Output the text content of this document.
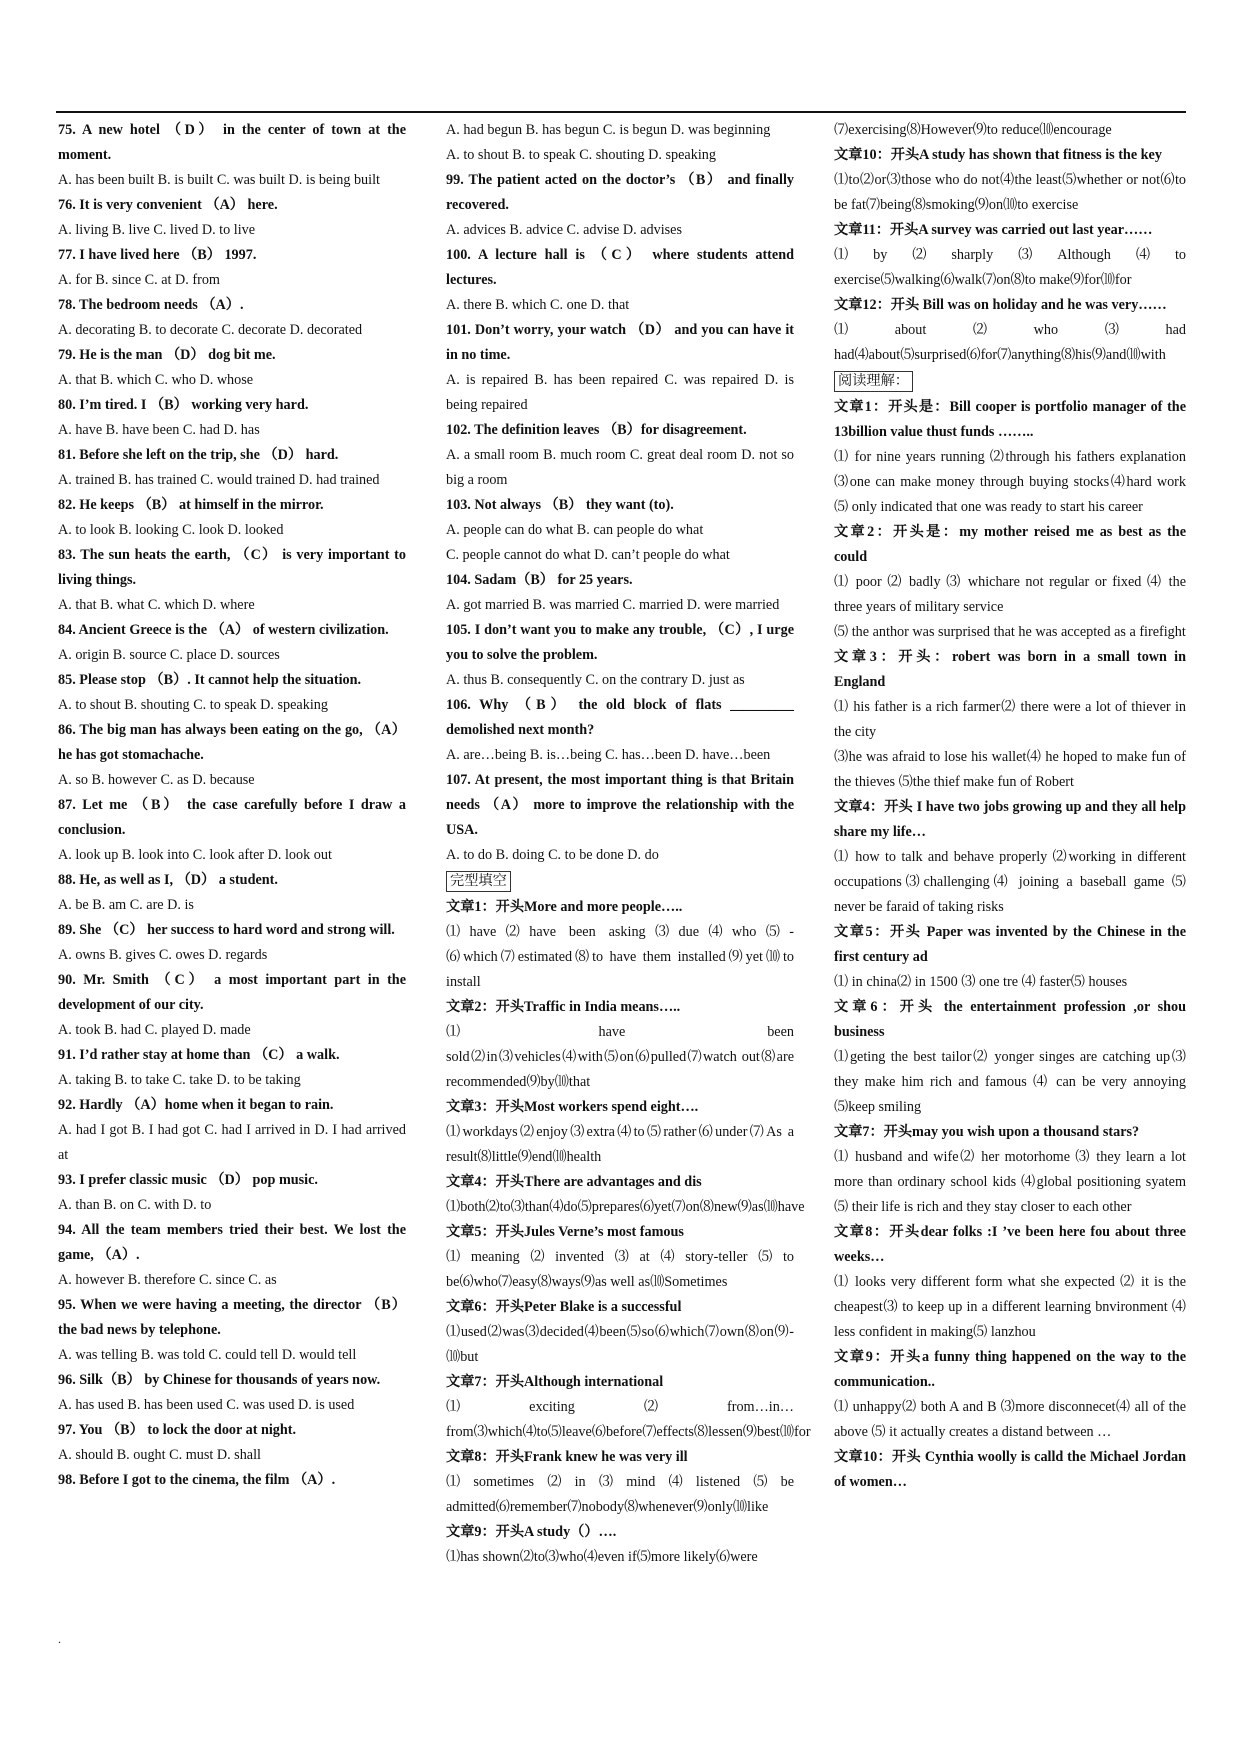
75. A new hotel （D） in the center of town at the moment.

A. has been built B. is built C. was built D. is being built

76. It is very convenient （A） here.

A. living B. live C. lived D. to live

77. I have lived here （B） 1997.

A. for B. since C. at D. from

78. The bedroom needs （A）.

A. decorating B. to decorate C. decorate D. decorated

79. He is the man （D） dog bit me.

A. that B. which C. who D. whose

80. I’m tired. I （B） working very hard.

A. have B. have been C. had D. has

81. Before she left on the trip, she （D） hard.

A. trained B. has trained C. would trained D. had trained

82. He keeps （B） at himself in the mirror.

A. to look B. looking C. look D. looked

83. The sun heats the earth, （C） is very important to living things.

A. that B. what C. which D. where

84. Ancient Greece is the （A） of western civilization.

A. origin B. source C. place D. sources

85. Please stop （B）. It cannot help the situation.

A. to shout B. shouting C. to speak D. speaking

86. The big man has always been eating on the go, （A） he has got stomachache.

A. so B. however C. as D. because

87. Let me （B） the case carefully before I draw a conclusion.

A. look up B. look into C. look after D. look out

88. He, as well as I, （D） a student.

A. be B. am C. are D. is

89. She （C） her success to hard word and strong will.

A. owns B. gives C. owes D. regards

90. Mr. Smith （C） a most important part in the development of our city.

A. took B. had C. played D. made

91. I’d rather stay at home than （C） a walk.

A. taking B. to take C. take D. to be taking

92. Hardly （A）home when it began to rain.

A. had I got B. I had got C. had I arrived in D. I had arrived at

93. I prefer classic music （D） pop music.

A. than B. on C. with D. to

94. All the team members tried their best. We lost the game, （A）.

A. however B. therefore C. since C. as

95. When we were having a meeting, the director （B） the bad news by telephone.

A. was telling B. was told C. could tell D. would tell

96. Silk（B） by Chinese for thousands of years now.

A. has used B. has been used C. was used D. is used

97. You （B） to lock the door at night.

A. should B. ought C. must D. shall

98. Before I got to the cinema, the film （A）.

A. had begun B. has begun C. is begun D. was beginning

A. to shout B. to speak C. shouting D. speaking

99. The patient acted on the doctor’s （B） and finally recovered.

A. advices B. advice C. advise D. advises

100. A lecture hall is （C） where students attend lectures.

A. there B. which C. one D. that

101. Don’t worry, your watch （D） and you can have it in no time.

A. is repaired B. has been repaired C. was repaired D. is being repaired

102. The definition leaves （B）for disagreement.

A. a small room B. much room C. great deal room D. not so big a room

103. Not always （B） they want (to).

A. people can do what B. can people do what

C. people cannot do what D. can’t people do what

104. Sadam（B） for 25 years.

A. got married B. was married C. married D. were married

105. I don’t want you to make any trouble, （C）, I urge you to solve the problem.

A. thus B. consequently C. on the contrary D. just as

106. Why （B） the old block of flats _________ demolished next month?

A. are…being B. is…being C. has…been D. have…been

107. At present, the most important thing is that Britain needs （A） more to improve the relationship with the USA.

A. to do B. doing C. to be done D. do

完型填空

文章1：开头More and more people…..

⑴have⑵have been asking⑶due⑷who⑸-⑹which⑺estimated⑻to have them installed⑼yet⑽to install

文章2：开头Traffic in India means…..

⑴have been sold⑵in⑶vehicles⑷with⑸on⑹pulled⑺watch out⑻are recommended⑼by⑽that

文章3：开头Most workers spend eight….

⑴workdays⑵enjoy⑶extra⑷to⑸rather⑹under⑺As a result⑻little⑼end⑽health

文章4：开头There are advantages and dis

⑴both⑵to⑶than⑷do⑸prepares⑹yet⑺on⑻new⑼as⑽have

文章5：开头Jules Verne’s most famous

⑴meaning⑵invented⑶at⑷story-teller⑸to be⑹who⑺easy⑻ways⑼as well as⑽Sometimes

文章6：开头Peter Blake is a successful

⑴used⑵was⑶decided⑷been⑸so⑹which⑺own⑻on⑼-⑽but

文章7：开头Although international

⑴exciting⑵from…in…from⑶which⑷to⑸leave⑹before⑺effects⑻lessen⑼best⑽for

文章8：开头Frank knew he was very ill

⑴sometimes⑵in⑶mind⑷listened⑸be admitted⑹remember⑺nobody⑻whenever⑼only⑽like

文章9：开头A study（）….

⑴has shown⑵to⑶who⑷even if⑸more likely⑹were

⑺exercising⑻However⑼to reduce⑽encourage

文章10：开头A study has shown that fitness is the key

⑴to⑵or⑶those who do not⑷the least⑸whether or not⑹to be fat⑺being⑻smoking⑼on⑽to exercise

文章11：开头A survey was carried out last year……

⑴by⑵sharply⑶Although⑷to exercise⑸walking⑹walk⑺on⑻to make⑼for⑽for

文章12：开头 Bill was on holiday and he was very……

⑴about⑵who⑶had had⑷about⑸surprised⑹for⑺anything⑻his⑼and⑽with

阅读理解：

文章1：开头是：Bill cooper is portfolio manager of the 13billion value thust funds ……..

⑴ for nine years running ⑵through his fathers explanation ⑶one can make money through buying stocks⑷hard work ⑸ only indicated that one was ready to start his career

文章2：开头是：my mother reised me as best as the could

⑴ poor ⑵ badly ⑶ whichare not regular or fixed ⑷ the three years of military service

⑸ the anthor was surprised that he was accepted as a firefight

文章3：开头：robert was born in a small town in England

⑴ his father is a rich farmer⑵ there were a lot of thiever in the city

⑶he was afraid to lose his wallet⑷ he hoped to make fun of the thieves ⑸the thief make fun of Robert

文章4：开头 I have two jobs growing up and they all help share my life…

⑴ how to talk and behave properly ⑵working in different occupations⑶challenging⑷ joining a baseball game ⑸ never be faraid of taking risks

文章5：开头 Paper was invented by the Chinese in the first century ad

⑴ in china⑵ in 1500 ⑶ one tre ⑷ faster⑸ houses

文章6：开头 the entertainment profession ,or shou business

⑴geting the best tailor⑵ yonger singes are catching up⑶ they make him rich and famous ⑷ can be very annoying ⑸keep smiling

文章7：开头may you wish upon a thousand stars?

⑴ husband and wife⑵ her motorhome ⑶ they learn a lot more than ordinary school kids ⑷global positioning syatem ⑸ their life is rich and they stay closer to each other

文章8：开头dear folks :I ’ve been here fou about three weeks…

⑴ looks very different form what she expected ⑵ it is the cheapest⑶ to keep up in a different learning bnvironment ⑷ less confident in making⑸ lanzhou

文章9：开头a funny thing happened on the way to the communication..

⑴ unhappy⑵ both A and B ⑶more disconnecet⑷ all of the above ⑸ it actually creates a distand between …

文章10：开头 Cynthia woolly is calld the Michael Jordan of women…

.
